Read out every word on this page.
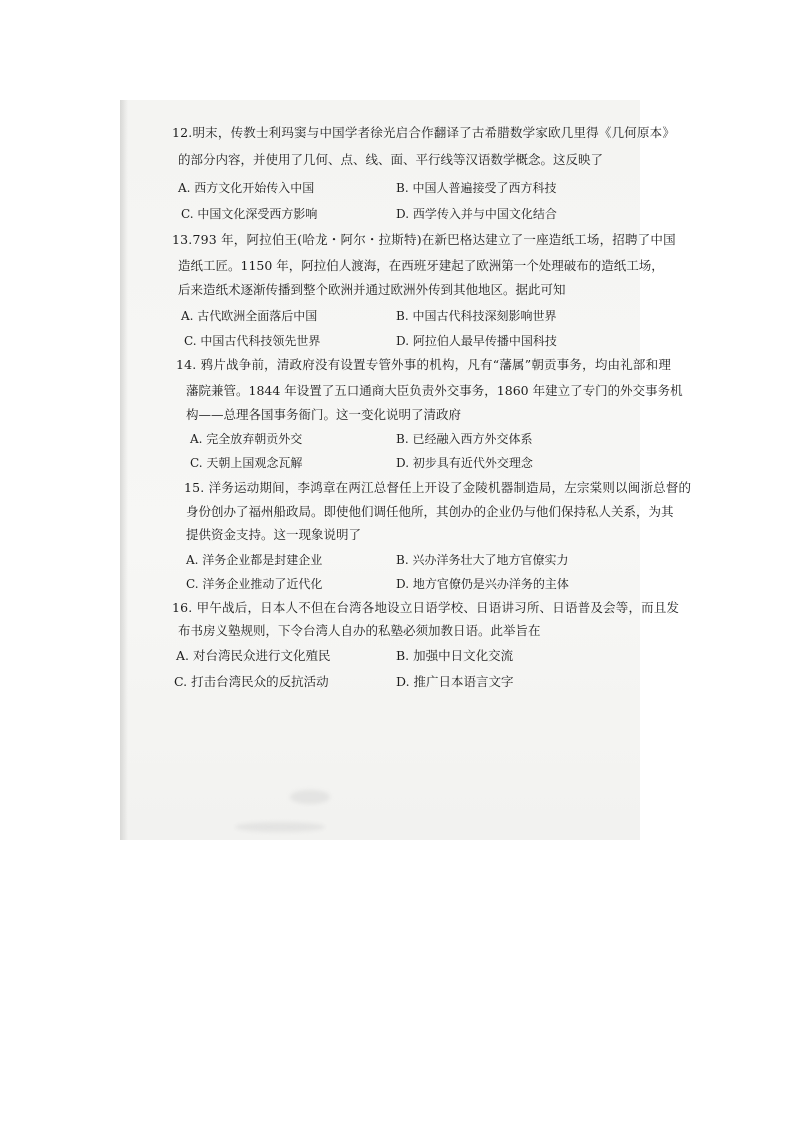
12.明末，传教士利玛窦与中国学者徐光启合作翻译了古希腊数学家欧几里得《几何原本》
的部分内容，并使用了几何、点、线、面、平行线等汉语数学概念。这反映了
A. 西方文化开始传入中国	B. 中国人普遍接受了西方科技
C. 中国文化深受西方影响	D. 西学传入并与中国文化结合
13.793 年，阿拉伯王(哈龙・阿尔・拉斯特)在新巴格达建立了一座造纸工场，招聘了中国
造纸工匠。1150 年，阿拉伯人渡海，在西班牙建起了欧洲第一个处理破布的造纸工场，
后来造纸术逐渐传播到整个欧洲并通过欧洲外传到其他地区。据此可知
A. 古代欧洲全面落后中国	B. 中国古代科技深刻影响世界
C. 中国古代科技领先世界	D. 阿拉伯人最早传播中国科技
14. 鸦片战争前，清政府没有设置专管外事的机构，凡有“藩属”朝贡事务，均由礼部和理
藩院兼管。1844 年设置了五口通商大臣负责外交事务，1860 年建立了专门的外交事务机
构——总理各国事务衙门。这一变化说明了清政府
A. 完全放弃朝贡外交	B. 已经融入西方外交体系
C. 天朝上国观念瓦解	D. 初步具有近代外交理念
15. 洋务运动期间，李鸿章在两江总督任上开设了金陵机器制造局，左宗棠则以闽浙总督的
身份创办了福州船政局。即使他们调任他所，其创办的企业仍与他们保持私人关系，为其
提供资金支持。这一现象说明了
A. 洋务企业都是封建企业	B. 兴办洋务壮大了地方官僚实力
C. 洋务企业推动了近代化	D. 地方官僚仍是兴办洋务的主体
16. 甲午战后，日本人不但在台湾各地设立日语学校、日语讲习所、日语普及会等，而且发
布书房义塾规则，下令台湾人自办的私塾必须加教日语。此举旨在
A. 对台湾民众进行文化殖民	B. 加强中日文化交流
C. 打击台湾民众的反抗活动	D. 推广日本语言文字
